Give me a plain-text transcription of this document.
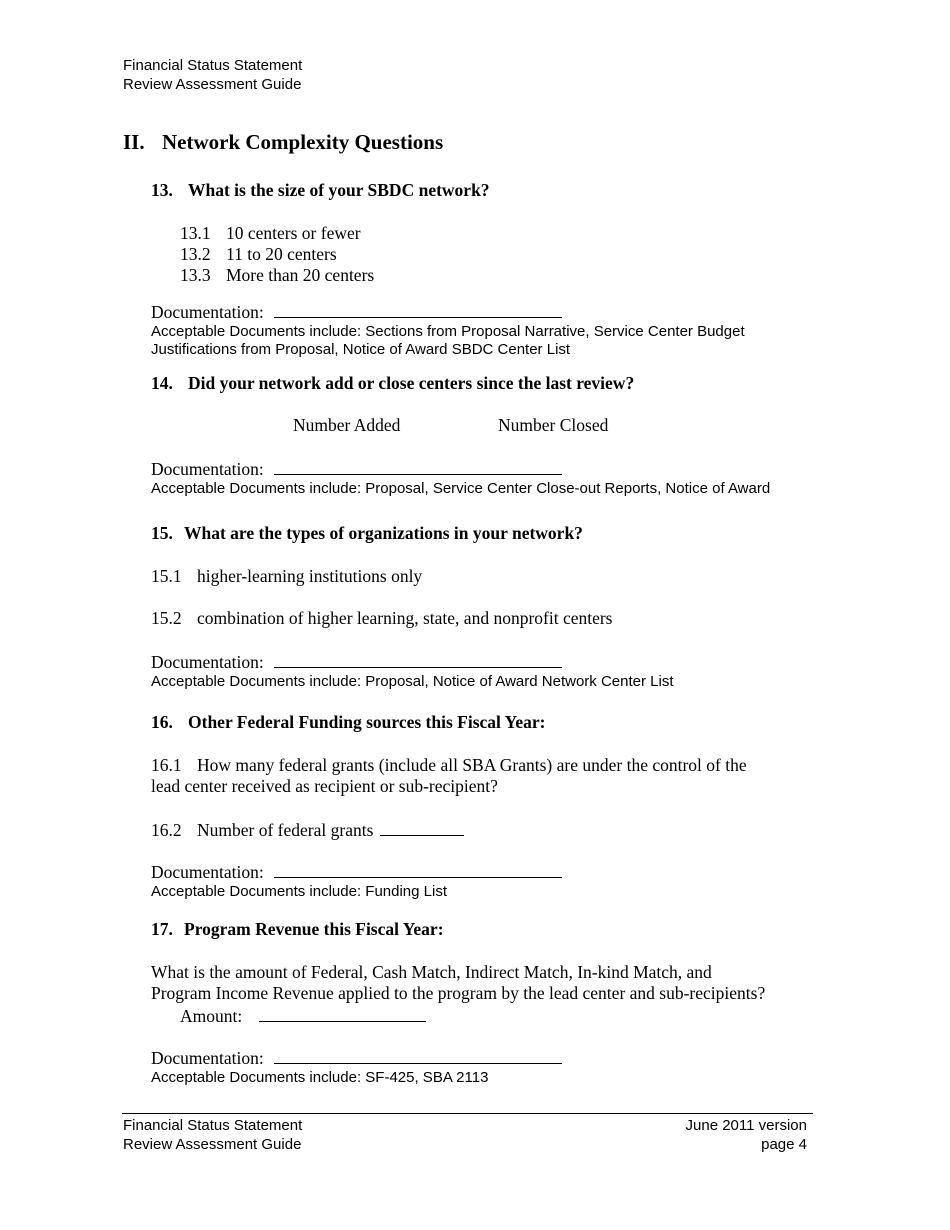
Financial Status Statement
Review Assessment Guide
II. Network Complexity Questions
13. What is the size of your SBDC network?
13.1 10 centers or fewer
13.2 11 to 20 centers
13.3 More than 20 centers
Documentation:
Acceptable Documents include: Sections from Proposal Narrative, Service Center Budget
Justifications from Proposal, Notice of Award SBDC Center List
14. Did your network add or close centers since the last review?
Number Added	Number Closed
Documentation:
Acceptable Documents include: Proposal, Service Center Close-out Reports, Notice of Award
15. What are the types of organizations in your network?
15.1 higher-learning institutions only
15.2 combination of higher learning, state, and nonprofit centers
Documentation:
Acceptable Documents include: Proposal, Notice of Award Network Center List
16. Other Federal Funding sources this Fiscal Year:
16.1 How many federal grants (include all SBA Grants) are under the control of the
lead center received as recipient or sub-recipient?
16.2 Number of federal grants
Documentation:
Acceptable Documents include: Funding List
17. Program Revenue this Fiscal Year:
What is the amount of Federal, Cash Match, Indirect Match, In-kind Match, and
Program Income Revenue applied to the program by the lead center and sub-recipients?
Amount:
Documentation:
Acceptable Documents include: SF-425, SBA 2113
Financial Status Statement
Review Assessment Guide
June 2011 version
page 4
